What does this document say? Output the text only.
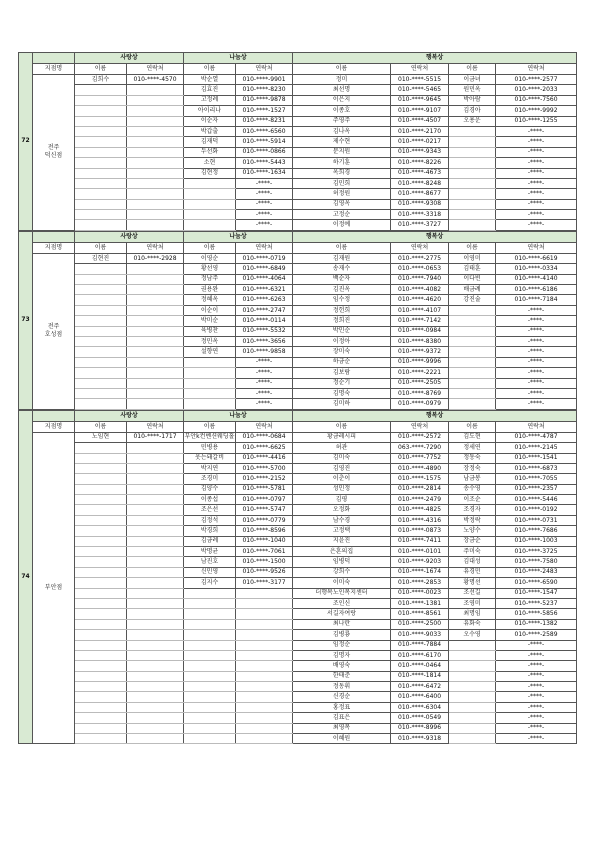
72		사랑상		나눔상		행복상			
	지점명	이름	연락처	이름	연락처	이름	연락처	이름	연락처
	전주
덕신점	김희수	010-****-4570	박순열	010-****-9901	정미	010-****-5515	이금녀	010-****-2577
				김효진	010-****-8230	최선명	010-****-5465	원민옥	010-****-2033
				고정례	010-****-9878	이은지	010-****-9645	박아람	010-****-7560
				아이리나	010-****-1527	이종호	010-****-9107	김경아	010-****-9992
				이순자	010-****-8231	주영주	010-****-4507	오용운	010-****-1255
				박갑출	010-****-6560	김나옥	010-****-2170		-****-
				김재덕	010-****-5914	제수현	010-****-0217		-****-
				두선화	010-****-0866	문지원	010-****-9343		-****-
				소현	010-****-5443	하기훈	010-****-8226		-****-
				김현정	010-****-1634	옥희경	010-****-4673		-****-
					-****-	김민희	010-****-8248		-****-
					-****-	허정원	010-****-8677		-****-
					-****-	김영옥	010-****-9308		-****-
					-****-	고정순	010-****-3318		-****-
					-****-	이정예	010-****-3727		-****-
73		사랑상		나눔상		행복상			
	지점명	이름	연락처	이름	연락처	이름	연락처	이름	연락처
	전주
호성점	김현진	010-****-2928	이영순	010-****-0719	김재원	010-****-2775	이영미	010-****-6619
				황선영	010-****-6849	송재수	010-****-0653	김태훈	010-****-0334
				정남주	010-****-4064	백순자	010-****-7940	이다빈	010-****-4140
				권용완	010-****-6321	김진옥	010-****-4082	배금례	010-****-6186
				정혜옥	010-****-6263	임수정	010-****-4620	강진술	010-****-7184
				이순이	010-****-2747	정헌희	010-****-4107		-****-
				박미순	010-****-0114	정희진	010-****-7142		-****-
				육병찬	010-****-5532	박민순	010-****-0984		-****-
				정민옥	010-****-3656	이정아	010-****-8380		-****-
				설향연	010-****-9858	장미숙	010-****-9372		-****-
					-****-	하금순	010-****-9996		-****-
					-****-	김보람	010-****-2221		-****-
					-****-	정순기	010-****-2505		-****-
					-****-	김명숙	010-****-8769		-****-
					-****-	김미하	010-****-0979		-****-
74		사랑상		나눔상		행복상			
	지점명	이름	연락처	이름	연락처	이름	연락처	이름	연락처
	부안점	노임현	010-****-1717	부안k컨벤션웨딩홀	010-****-0684	황금레시피	010-****-2572	김도현	010-****-4787
				민병용	010-****-6625	허관	063-****-7290	정세연	010-****-2145
				웃는돼갈비	010-****-4416	김미숙	010-****-7752	정동숙	010-****-1541
				박지연	010-****-5700	김영진	010-****-4890	장정숙	010-****-6873
				조경미	010-****-2152	이춘이	010-****-1575	남금봉	010-****-7055
				김양수	010-****-5781	성민정	010-****-2814	송수영	010-****-2357
				이종섭	010-****-0797	김평	010-****-2479	이조순	010-****-5446
				조은선	010-****-5747	오정화	010-****-4825	조경자	010-****-0192
				김정석	010-****-0779	남수경	010-****-4316	박정락	010-****-0731
				박경희	010-****-8596	고정택	010-****-0873	노양수	010-****-7686
				김금례	010-****-1040	지윤진	010-****-7411	장금순	010-****-1003
				박명균	010-****-7061	은혼의집	010-****-0101	주미숙	010-****-3725
				남진호	010-****-1500	임병덕	010-****-9203	김대성	010-****-7580
				신민영	010-****-9526	강희수	010-****-1674	유경민	010-****-2483
				김지수	010-****-3177	이미숙	010-****-2853	황명선	010-****-6590
						더행복노인복지센터	010-****-0023	조선길	010-****-1547
						조인신	010-****-1381	조영미	010-****-5237
						서길자여랑	010-****-8561	최명임	010-****-5856
						최나란	010-****-2500	유화숙	010-****-1382
						김병룡	010-****-9033	오수영	010-****-2589
						임정순	010-****-7884		-****-
						김명자	010-****-6170		-****-
						배영숙	010-****-0464		-****-
						한태준	010-****-1814		-****-
						정동휘	010-****-6472		-****-
						신경순	010-****-6400		-****-
						홍정표	010-****-6304		-****-
						김표은	010-****-0549		-****-
						최영복	010-****-8996		-****-
						이혜원	010-****-9318		-****-
